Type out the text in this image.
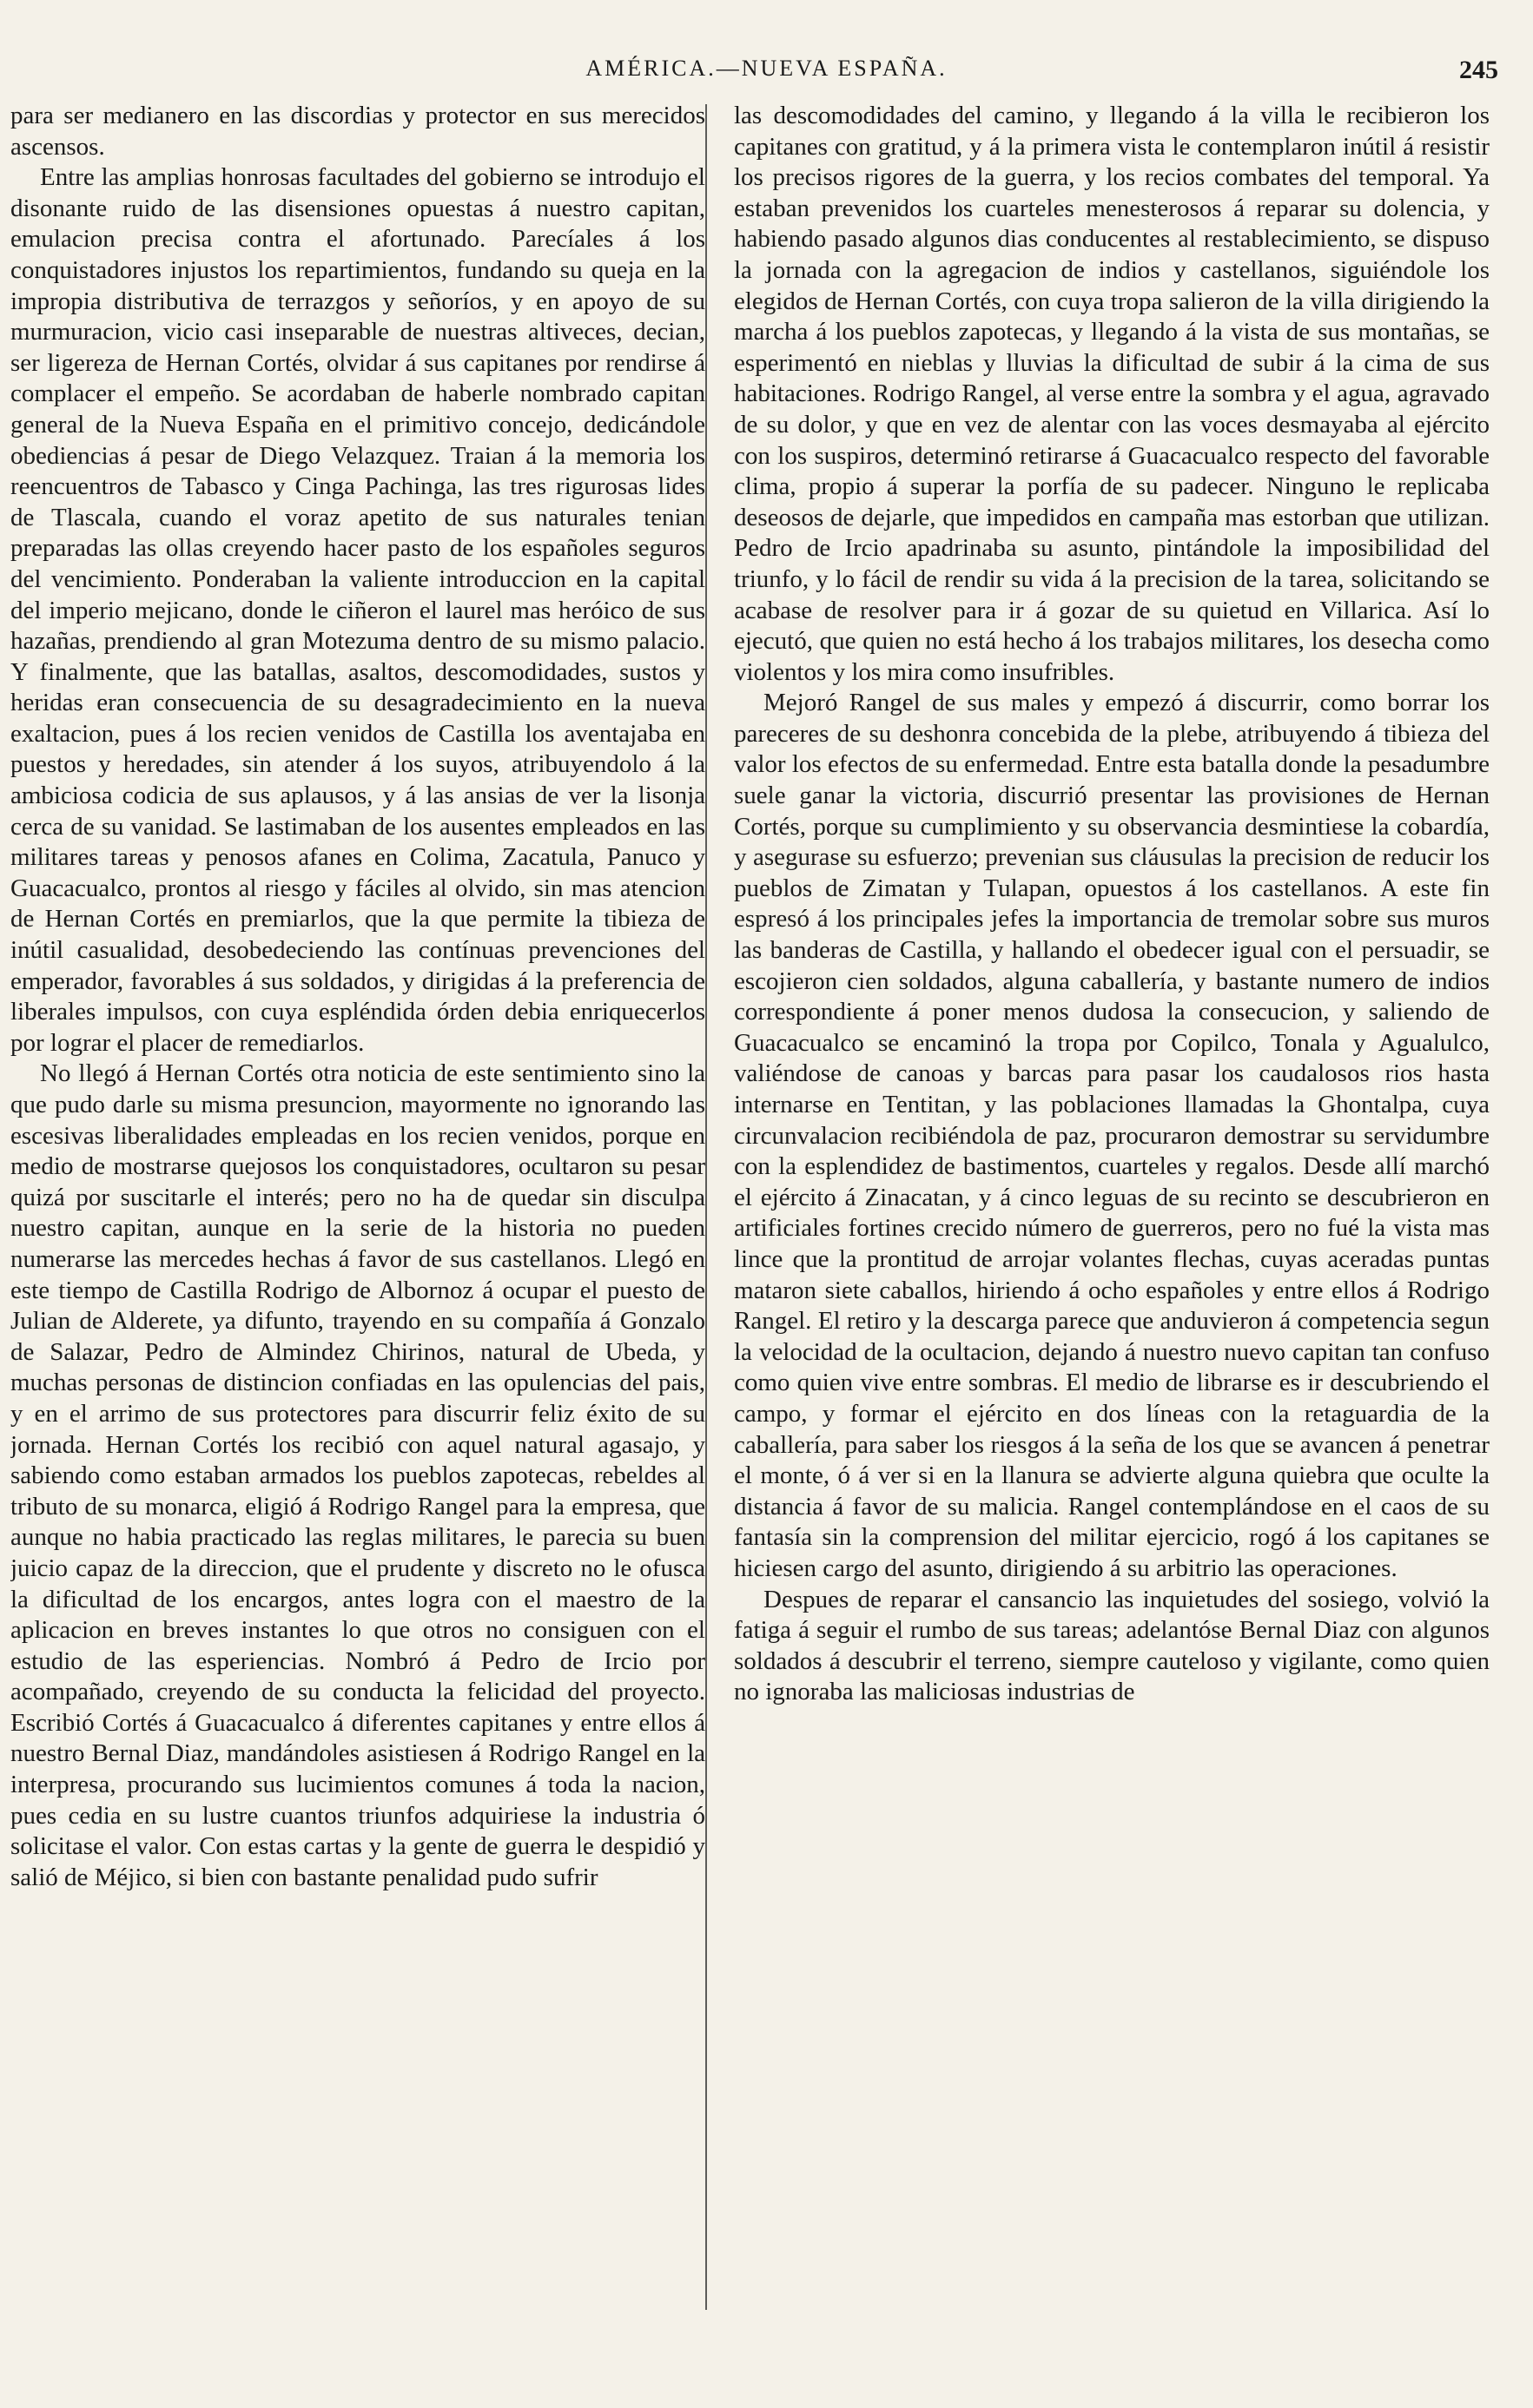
AMÉRICA.—NUEVA ESPAÑA.	245

para ser medianero en las discordias y protector en sus merecidos ascensos.

Entre las amplias honrosas facultades del gobierno se introdujo el disonante ruido de las disensiones opuestas á nuestro capitan, emulacion precisa contra el afortunado. Parecíales á los conquistadores injustos los repartimientos, fundando su queja en la impropia distributiva de terrazgos y señoríos, y en apoyo de su murmuracion, vicio casi inseparable de nuestras altiveces, decian, ser ligereza de Hernan Cortés, olvidar á sus capitanes por rendirse á complacer el empeño. Se acordaban de haberle nombrado capitan general de la Nueva España en el primitivo concejo, dedicándole obediencias á pesar de Diego Velazquez. Traian á la memoria los reencuentros de Tabasco y Cinga Pachinga, las tres rigurosas lides de Tlascala, cuando el voraz apetito de sus naturales tenian preparadas las ollas creyendo hacer pasto de los españoles seguros del vencimiento. Ponderaban la valiente introduccion en la capital del imperio mejicano, donde le ciñeron el laurel mas heróico de sus hazañas, prendiendo al gran Motezuma dentro de su mismo palacio. Y finalmente, que las batallas, asaltos, descomodidades, sustos y heridas eran consecuencia de su desagradecimiento en la nueva exaltacion, pues á los recien venidos de Castilla los aventajaba en puestos y heredades, sin atender á los suyos, atribuyendolo á la ambiciosa codicia de sus aplausos, y á las ansias de ver la lisonja cerca de su vanidad. Se lastimaban de los ausentes empleados en las militares tareas y penosos afanes en Colima, Zacatula, Panuco y Guacacualco, prontos al riesgo y fáciles al olvido, sin mas atencion de Hernan Cortés en premiarlos, que la que permite la tibieza de inútil casualidad, desobedeciendo las contínuas prevenciones del emperador, favorables á sus soldados, y dirigidas á la preferencia de liberales impulsos, con cuya espléndida órden debia enriquecerlos por lograr el placer de remediarlos.

No llegó á Hernan Cortés otra noticia de este sentimiento sino la que pudo darle su misma presuncion, mayormente no ignorando las escesivas liberalidades empleadas en los recien venidos, porque en medio de mostrarse quejosos los conquistadores, ocultaron su pesar quizá por suscitarle el interés; pero no ha de quedar sin disculpa nuestro capitan, aunque en la serie de la historia no pueden numerarse las mercedes hechas á favor de sus castellanos. Llegó en este tiempo de Castilla Rodrigo de Albornoz á ocupar el puesto de Julian de Alderete, ya difunto, trayendo en su compañía á Gonzalo de Salazar, Pedro de Almindez Chirinos, natural de Ubeda, y muchas personas de distincion confiadas en las opulencias del pais, y en el arrimo de sus protectores para discurrir feliz éxito de su jornada. Hernan Cortés los recibió con aquel natural agasajo, y sabiendo como estaban armados los pueblos zapotecas, rebeldes al tributo de su monarca, eligió á Rodrigo Rangel para la empresa, que aunque no habia practicado las reglas militares, le parecia su buen juicio capaz de la direccion, que el prudente y discreto no le ofusca la dificultad de los encargos, antes logra con el maestro de la aplicacion en breves instantes lo que otros no consiguen con el estudio de las esperiencias. Nombró á Pedro de Ircio por acompañado, creyendo de su conducta la felicidad del proyecto. Escribió Cortés á Guacacualco á diferentes capitanes y entre ellos á nuestro Bernal Diaz, mandándoles asistiesen á Rodrigo Rangel en la interpresa, procurando sus lucimientos comunes á toda la nacion, pues cedia en su lustre cuantos triunfos adquiriese la industria ó solicitase el valor. Con estas cartas y la gente de guerra le despidió y salió de Méjico, si bien con bastante penalidad pudo sufrir

las descomodidades del camino, y llegando á la villa le recibieron los capitanes con gratitud, y á la primera vista le contemplaron inútil á resistir los precisos rigores de la guerra, y los recios combates del temporal. Ya estaban prevenidos los cuarteles menesterosos á reparar su dolencia, y habiendo pasado algunos dias conducentes al restablecimiento, se dispuso la jornada con la agregacion de indios y castellanos, siguiéndole los elegidos de Hernan Cortés, con cuya tropa salieron de la villa dirigiendo la marcha á los pueblos zapotecas, y llegando á la vista de sus montañas, se esperimentó en nieblas y lluvias la dificultad de subir á la cima de sus habitaciones. Rodrigo Rangel, al verse entre la sombra y el agua, agravado de su dolor, y que en vez de alentar con las voces desmayaba al ejército con los suspiros, determinó retirarse á Guacacualco respecto del favorable clima, propio á superar la porfía de su padecer. Ninguno le replicaba deseosos de dejarle, que impedidos en campaña mas estorban que utilizan. Pedro de Ircio apadrinaba su asunto, pintándole la imposibilidad del triunfo, y lo fácil de rendir su vida á la precision de la tarea, solicitando se acabase de resolver para ir á gozar de su quietud en Villarica. Así lo ejecutó, que quien no está hecho á los trabajos militares, los desecha como violentos y los mira como insufribles.

Mejoró Rangel de sus males y empezó á discurrir, como borrar los pareceres de su deshonra concebida de la plebe, atribuyendo á tibieza del valor los efectos de su enfermedad. Entre esta batalla donde la pesadumbre suele ganar la victoria, discurrió presentar las provisiones de Hernan Cortés, porque su cumplimiento y su observancia desmintiese la cobardía, y asegurase su esfuerzo; prevenian sus cláusulas la precision de reducir los pueblos de Zimatan y Tulapan, opuestos á los castellanos. A este fin espresó á los principales jefes la importancia de tremolar sobre sus muros las banderas de Castilla, y hallando el obedecer igual con el persuadir, se escojieron cien soldados, alguna caballería, y bastante numero de indios correspondiente á poner menos dudosa la consecucion, y saliendo de Guacacualco se encaminó la tropa por Copilco, Tonala y Agualulco, valiéndose de canoas y barcas para pasar los caudalosos rios hasta internarse en Tentitan, y las poblaciones llamadas la Ghontalpa, cuya circunvalacion recibiéndola de paz, procuraron demostrar su servidumbre con la esplendidez de bastimentos, cuarteles y regalos. Desde allí marchó el ejército á Zinacatan, y á cinco leguas de su recinto se descubrieron en artificiales fortines crecido número de guerreros, pero no fué la vista mas lince que la prontitud de arrojar volantes flechas, cuyas aceradas puntas mataron siete caballos, hiriendo á ocho españoles y entre ellos á Rodrigo Rangel. El retiro y la descarga parece que anduvieron á competencia segun la velocidad de la ocultacion, dejando á nuestro nuevo capitan tan confuso como quien vive entre sombras. El medio de librarse es ir descubriendo el campo, y formar el ejército en dos líneas con la retaguardia de la caballería, para saber los riesgos á la seña de los que se avancen á penetrar el monte, ó á ver si en la llanura se advierte alguna quiebra que oculte la distancia á favor de su malicia. Rangel contemplándose en el caos de su fantasía sin la comprension del militar ejercicio, rogó á los capitanes se hiciesen cargo del asunto, dirigiendo á su arbitrio las operaciones.

Despues de reparar el cansancio las inquietudes del sosiego, volvió la fatiga á seguir el rumbo de sus tareas; adelantóse Bernal Diaz con algunos soldados á descubrir el terreno, siempre cauteloso y vigilante, como quien no ignoraba las maliciosas industrias de
